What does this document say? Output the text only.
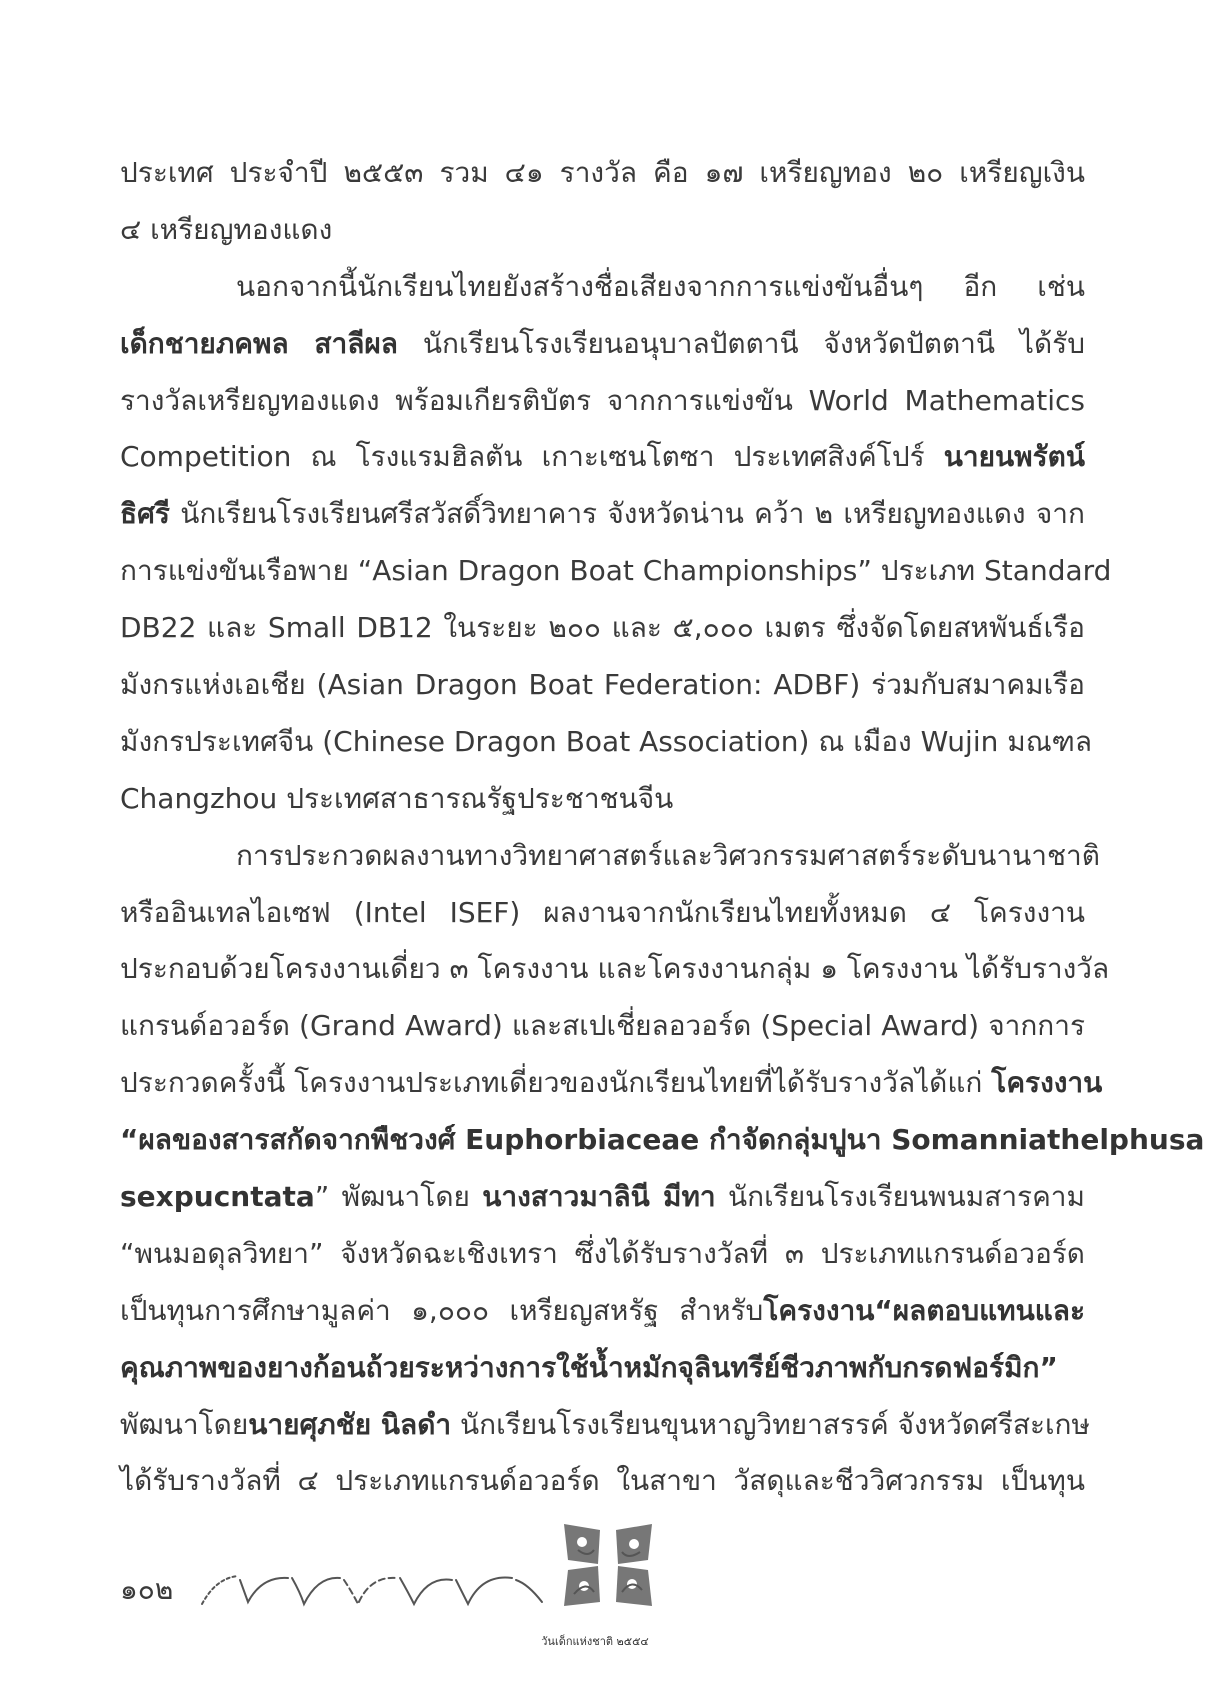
ประเทศ ประจำปี ๒๕๕๓ รวม ๔๑ รางวัล คือ ๑๗ เหรียญทอง ๒๐ เหรียญเงิน
๔ เหรียญทองแดง
นอกจากนี้นักเรียนไทยยังสร้างชื่อเสียงจากการแข่งขันอื่นๆ อีก เช่น
เด็กชายภคพล สาลีผล นักเรียนโรงเรียนอนุบาลปัตตานี จังหวัดปัตตานี ได้รับ
รางวัลเหรียญทองแดง พร้อมเกียรติบัตร จากการแข่งขัน World Mathematics
Competition ณ โรงแรมฮิลตัน เกาะเซนโตซา ประเทศสิงค์โปร์ นายนพรัตน์
ธิศรี นักเรียนโรงเรียนศรีสวัสดิ์วิทยาคาร จังหวัดน่าน คว้า ๒ เหรียญทองแดง จาก
การแข่งขันเรือพาย “Asian Dragon Boat Championships” ประเภท Standard
DB22 และ Small DB12 ในระยะ ๒๐๐ และ ๕,๐๐๐ เมตร ซึ่งจัดโดยสหพันธ์เรือ
มังกรแห่งเอเชีย (Asian Dragon Boat Federation: ADBF) ร่วมกับสมาคมเรือ
มังกรประเทศจีน (Chinese Dragon Boat Association) ณ เมือง Wujin มณฑล
Changzhou ประเทศสาธารณรัฐประชาชนจีน
การประกวดผลงานทางวิทยาศาสตร์และวิศวกรรมศาสตร์ระดับนานาชาติ
หรืออินเทลไอเซฟ (Intel ISEF) ผลงานจากนักเรียนไทยทั้งหมด ๔ โครงงาน
ประกอบด้วยโครงงานเดี่ยว ๓ โครงงาน และโครงงานกลุ่ม ๑ โครงงาน ได้รับรางวัล
แกรนด์อวอร์ด (Grand Award) และสเปเชี่ยลอวอร์ด (Special Award) จากการ
ประกวดครั้งนี้ โครงงานประเภทเดี่ยวของนักเรียนไทยที่ได้รับรางวัลได้แก่ โครงงาน
“ผลของสารสกัดจากพืชวงศ์ Euphorbiaceae กำจัดกลุ่มปูนา Somanniathelphusa
sexpucntata” พัฒนาโดย นางสาวมาลินี มีทา นักเรียนโรงเรียนพนมสารคาม
“พนมอดุลวิทยา” จังหวัดฉะเชิงเทรา ซึ่งได้รับรางวัลที่ ๓ ประเภทแกรนด์อวอร์ด
เป็นทุนการศึกษามูลค่า ๑,๐๐๐ เหรียญสหรัฐ สำหรับโครงงาน“ผลตอบแทนและ
คุณภาพของยางก้อนถ้วยระหว่างการใช้น้ำหมักจุลินทรีย์ชีวภาพกับกรดฟอร์มิก”
พัฒนาโดยนายศุภชัย นิลดำ นักเรียนโรงเรียนขุนหาญวิทยาสรรค์ จังหวัดศรีสะเกษ
ได้รับรางวัลที่ ๔ ประเภทแกรนด์อวอร์ด ในสาขา วัสดุและชีววิศวกรรม เป็นทุน
๑๐๒
วันเด็กแห่งชาติ ๒๕๕๔
